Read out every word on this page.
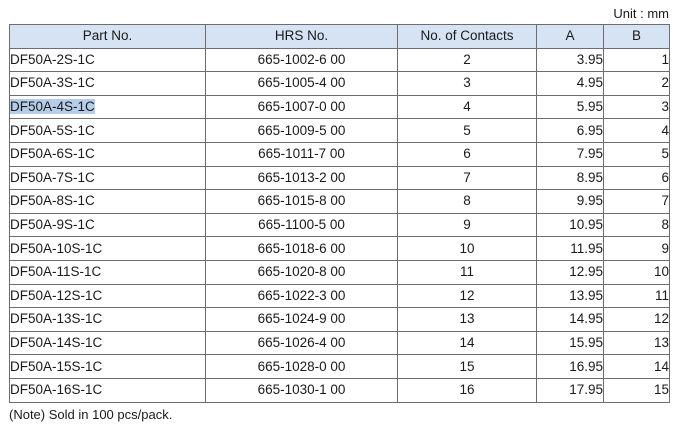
Unit : mm
Part No.	HRS No.	No. of Contacts	A	B
DF50A-2S-1C	665-1002-6 00	2	3.95	1
DF50A-3S-1C	665-1005-4 00	3	4.95	2
DF50A-4S-1C	665-1007-0 00	4	5.95	3
DF50A-5S-1C	665-1009-5 00	5	6.95	4
DF50A-6S-1C	665-1011-7 00	6	7.95	5
DF50A-7S-1C	665-1013-2 00	7	8.95	6
DF50A-8S-1C	665-1015-8 00	8	9.95	7
DF50A-9S-1C	665-1100-5 00	9	10.95	8
DF50A-10S-1C	665-1018-6 00	10	11.95	9
DF50A-11S-1C	665-1020-8 00	11	12.95	10
DF50A-12S-1C	665-1022-3 00	12	13.95	11
DF50A-13S-1C	665-1024-9 00	13	14.95	12
DF50A-14S-1C	665-1026-4 00	14	15.95	13
DF50A-15S-1C	665-1028-0 00	15	16.95	14
DF50A-16S-1C	665-1030-1 00	16	17.95	15
(Note) Sold in 100 pcs/pack.
